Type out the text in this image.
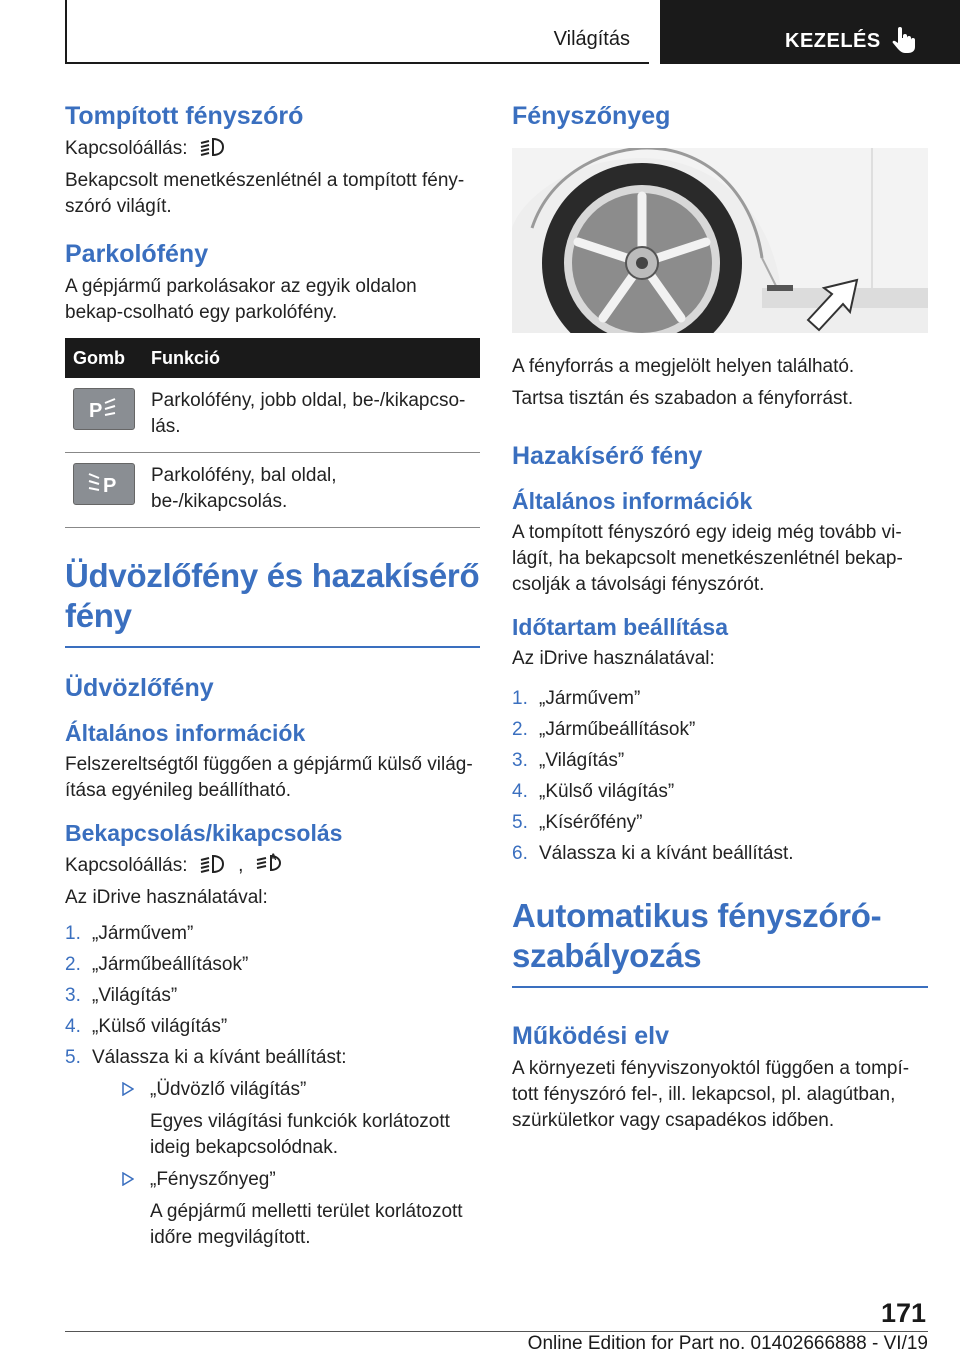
Világítás	KEZELÉS
Tompított fényszóró
Kapcsolóállás:
Bekapcsolt menetkészenlétnél a tompított fény-szóró világít.
Parkolófény
A gépjármű parkolásakor az egyik oldalon bekap-csolható egy parkolófény.
Gomb	Funkció

P	Parkolófény, jobb oldal, be-/kikapcso-lás.

P	Parkolófény, bal oldal, be-/kikapcsolás.
Üdvözlőfény és hazakísérő fény
Üdvözlőfény
Általános információk
Felszereltségtől függően a gépjármű külső világ-ítása egyénileg beállítható.
Bekapcsolás/kikapcsolás
Kapcsolóállás:	,	A
Az iDrive használatával:
1. „Járművem”
2. „Járműbeállítások”
3. „Világítás”
4. „Külső világítás”
5. Válassza ki a kívánt beállítást:
„Üdvözlő világítás”
Egyes világítási funkciók korlátozott ideig bekapcsolódnak.
„Fényszőnyeg”
A gépjármű melletti terület korlátozott időre megvilágított.
Fényszőnyeg
A fényforrás a megjelölt helyen található.
Tartsa tisztán és szabadon a fényforrást.
Hazakísérő fény
Általános információk
A tompított fényszóró egy ideig még tovább vi-lágít, ha bekapcsolt menetkészenlétnél bekap-csolják a távolsági fényszórót.
Időtartam beállítása
Az iDrive használatával:
1. „Járművem”
2. „Járműbeállítások”
3. „Világítás”
4. „Külső világítás”
5. „Kísérőfény”
6. Válassza ki a kívánt beállítást.
Automatikus fényszóró-szabályozás
Működési elv
A környezeti fényviszonyoktól függően a tompí-tott fényszóró fel-, ill. lekapcsol, pl. alagútban, szürkületkor vagy csapadékos időben.
171
Online Edition for Part no. 01402666888 - VI/19
